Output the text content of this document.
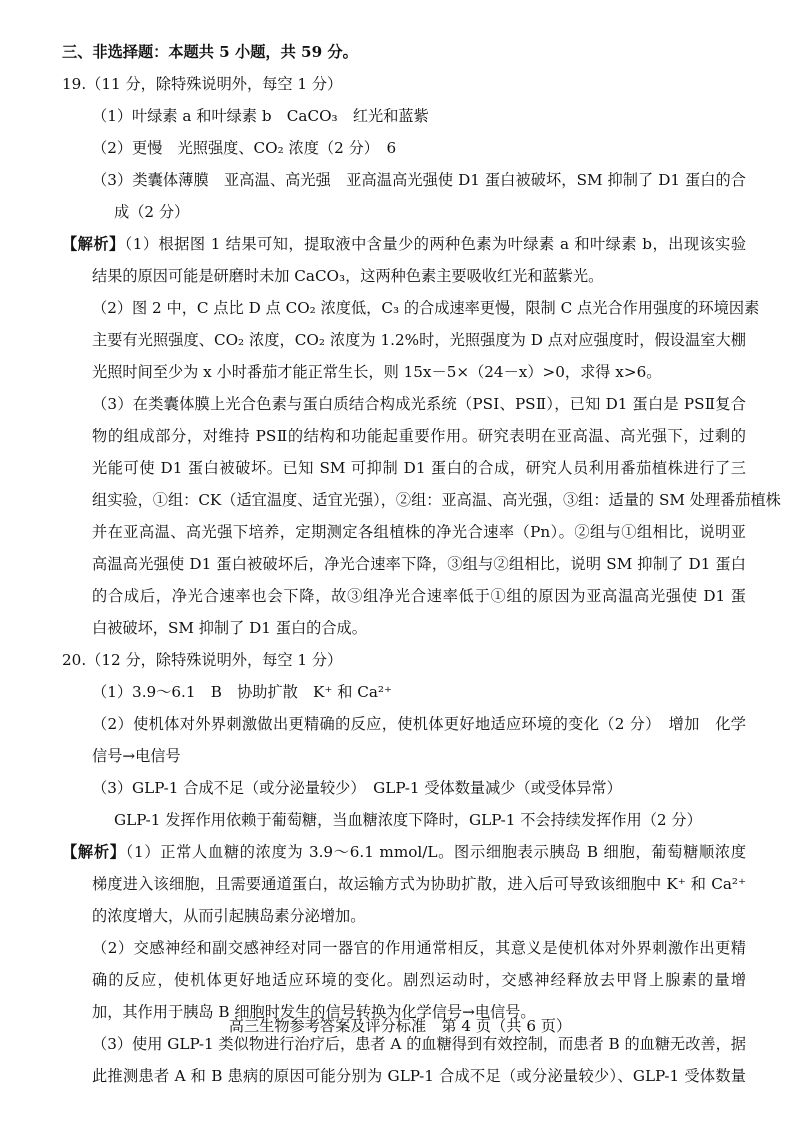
三、非选择题：本题共 5 小题，共 59 分。
19.（11 分，除特殊说明外，每空 1 分）
（1）叶绿素 a 和叶绿素 b　CaCO₃　红光和蓝紫
（2）更慢　光照强度、CO₂ 浓度（2 分）　6
（3）类囊体薄膜　亚高温、高光强　亚高温高光强使 D1 蛋白被破坏，SM 抑制了 D1 蛋白的合
成（2 分）
【解析】（1）根据图 1 结果可知，提取液中含量少的两种色素为叶绿素 a 和叶绿素 b，出现该实验
结果的原因可能是研磨时未加 CaCO₃，这两种色素主要吸收红光和蓝紫光。
（2）图 2 中，C 点比 D 点 CO₂ 浓度低，C₃ 的合成速率更慢，限制 C 点光合作用强度的环境因素
主要有光照强度、CO₂ 浓度，CO₂ 浓度为 1.2%时，光照强度为 D 点对应强度时，假设温室大棚
光照时间至少为 x 小时番茄才能正常生长，则 15x－5×（24－x）>0，求得 x>6。
（3）在类囊体膜上光合色素与蛋白质结合构成光系统（PSⅠ、PSⅡ），已知 D1 蛋白是 PSⅡ复合
物的组成部分，对维持 PSⅡ的结构和功能起重要作用。研究表明在亚高温、高光强下，过剩的
光能可使 D1 蛋白被破坏。已知 SM 可抑制 D1 蛋白的合成，研究人员利用番茄植株进行了三
组实验，①组：CK（适宜温度、适宜光强），②组：亚高温、高光强，③组：适量的 SM 处理番茄植株
并在亚高温、高光强下培养，定期测定各组植株的净光合速率（Pn）。②组与①组相比，说明亚
高温高光强使 D1 蛋白被破坏后，净光合速率下降，③组与②组相比，说明 SM 抑制了 D1 蛋白
的合成后，净光合速率也会下降，故③组净光合速率低于①组的原因为亚高温高光强使 D1 蛋
白被破坏，SM 抑制了 D1 蛋白的合成。
20.（12 分，除特殊说明外，每空 1 分）
（1）3.9～6.1　B　协助扩散　K⁺ 和 Ca²⁺
（2）使机体对外界刺激做出更精确的反应，使机体更好地适应环境的变化（2 分）　增加　化学
信号→电信号
（3）GLP-1 合成不足（或分泌量较少）　GLP-1 受体数量减少（或受体异常）
GLP-1 发挥作用依赖于葡萄糖，当血糖浓度下降时，GLP-1 不会持续发挥作用（2 分）
【解析】（1）正常人血糖的浓度为 3.9～6.1 mmol/L。图示细胞表示胰岛 B 细胞，葡萄糖顺浓度
梯度进入该细胞，且需要通道蛋白，故运输方式为协助扩散，进入后可导致该细胞中 K⁺ 和 Ca²⁺
的浓度增大，从而引起胰岛素分泌增加。
（2）交感神经和副交感神经对同一器官的作用通常相反，其意义是使机体对外界刺激作出更精
确的反应，使机体更好地适应环境的变化。剧烈运动时，交感神经释放去甲肾上腺素的量增
加，其作用于胰岛 B 细胞时发生的信号转换为化学信号→电信号。
（3）使用 GLP-1 类似物进行治疗后，患者 A 的血糖得到有效控制，而患者 B 的血糖无改善，据
此推测患者 A 和 B 患病的原因可能分别为 GLP-1 合成不足（或分泌量较少）、GLP-1 受体数量
高三生物参考答案及评分标准　第 4 页（共 6 页）
